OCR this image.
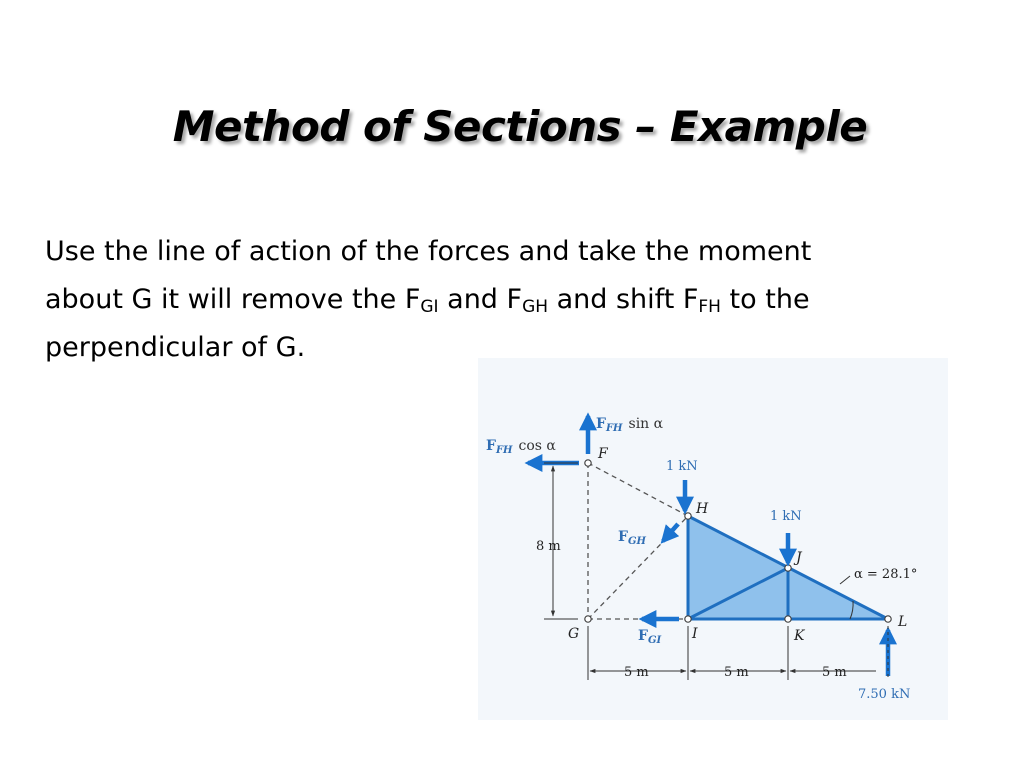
Method of Sections – Example
Use the line of action of the forces and take the moment
about G it will remove the $F_{GI}$ and $F_{GH}$ and shift $F_{FH}$ to the
perpendicular of G.
$F_{FH}$ sin α
$F_{FH}$ cos α
$F_{GH}$
$F_{GI}$
F
G
H
I
J
K
L
1 kN
1 kN
7.50 kN
α = 28.1°
8 m
5 m	5 m	5 m
